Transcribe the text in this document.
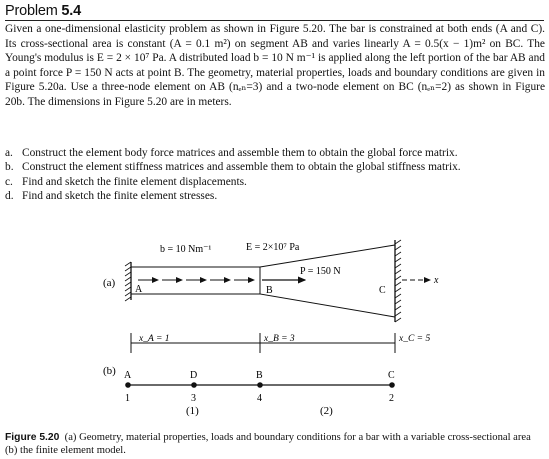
Problem 5.4
Given a one-dimensional elasticity problem as shown in Figure 5.20. The bar is constrained at both ends (A and C). Its cross-sectional area is constant (A = 0.1 m²) on segment AB and varies linearly A = 0.5(x − 1)m² on BC. The Young's modulus is E = 2 × 10⁷ Pa. A distributed load b = 10 N m⁻¹ is applied along the left portion of the bar AB and a point force P = 150 N acts at point B. The geometry, material properties, loads and boundary conditions are given in Figure 5.20a. Use a three-node element on AB (nₑₙ=3) and a two-node element on BC (nₑₙ=2) as shown in Figure 20b. The dimensions in Figure 5.20 are in meters.
a. Construct the element body force matrices and assemble them to obtain the global force matrix.
b. Construct the element stiffness matrices and assemble them to obtain the global stiffness matrix.
c. Find and sketch the finite element displacements.
d. Find and sketch the finite element stresses.
(a)	x
b = 10 Nm⁻¹	E = 2×10⁷ Pa
P = 150 N
A	B	C
x_A = 1	x_B = 3	x_C = 5
(b) A	D	B	C
1	3	4	2
(1)	(2)
Figure 5.20 (a) Geometry, material properties, loads and boundary conditions for a bar with a variable cross-sectional area (b) the finite element model.
